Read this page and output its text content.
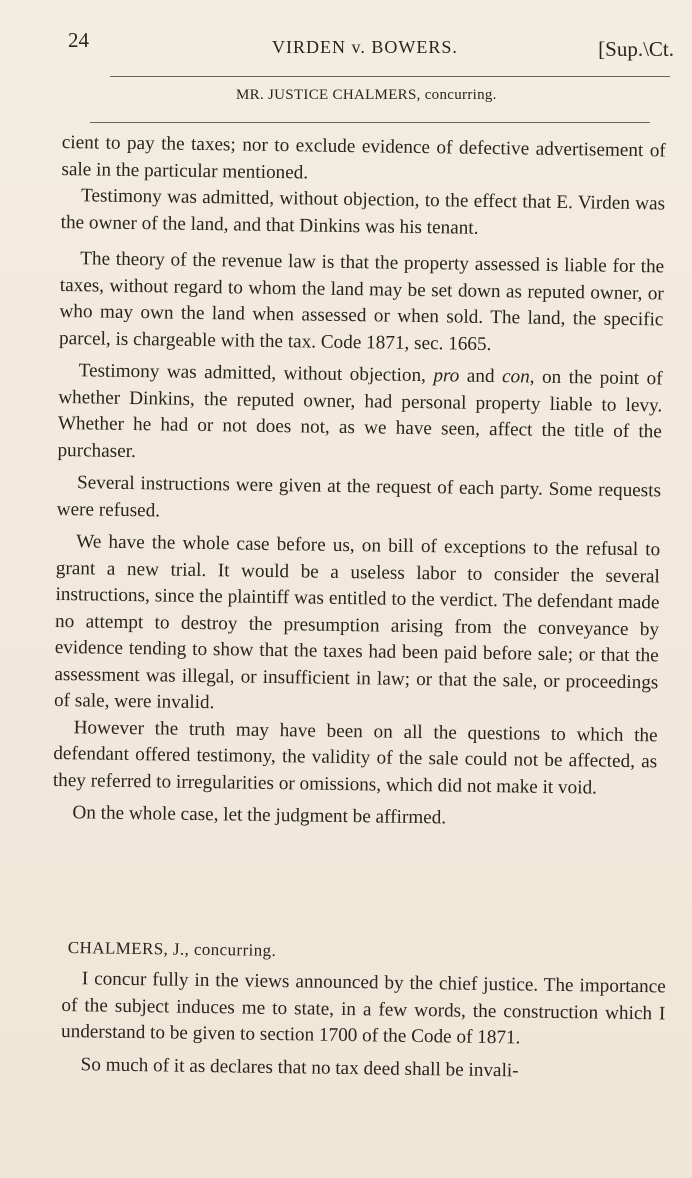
24	VIRDEN v. BOWERS.	[Sup.\Ct.
MR. JUSTICE CHALMERS, concurring.

cient to pay the taxes; nor to exclude evidence of defective advertisement of sale in the particular mentioned.

Testimony was admitted, without objection, to the effect that E. Virden was the owner of the land, and that Dinkins was his tenant.

The theory of the revenue law is that the property assessed is liable for the taxes, without regard to whom the land may be set down as reputed owner, or who may own the land when assessed or when sold. The land, the specific parcel, is chargeable with the tax. Code 1871, sec. 1665.

Testimony was admitted, without objection, pro and con, on the point of whether Dinkins, the reputed owner, had personal property liable to levy. Whether he had or not does not, as we have seen, affect the title of the purchaser.

Several instructions were given at the request of each party. Some requests were refused.

We have the whole case before us, on bill of exceptions to the refusal to grant a new trial. It would be a useless labor to consider the several instructions, since the plaintiff was entitled to the verdict. The defendant made no attempt to destroy the presumption arising from the conveyance by evidence tending to show that the taxes had been paid before sale; or that the assessment was illegal, or insufficient in law; or that the sale, or proceedings of sale, were invalid.

However the truth may have been on all the questions to which the defendant offered testimony, the validity of the sale could not be affected, as they referred to irregularities or omissions, which did not make it void.

On the whole case, let the judgment be affirmed.

CHALMERS, J., concurring.

I concur fully in the views announced by the chief justice. The importance of the subject induces me to state, in a few words, the construction which I understand to be given to section 1700 of the Code of 1871.

So much of it as declares that no tax deed shall be invali-
